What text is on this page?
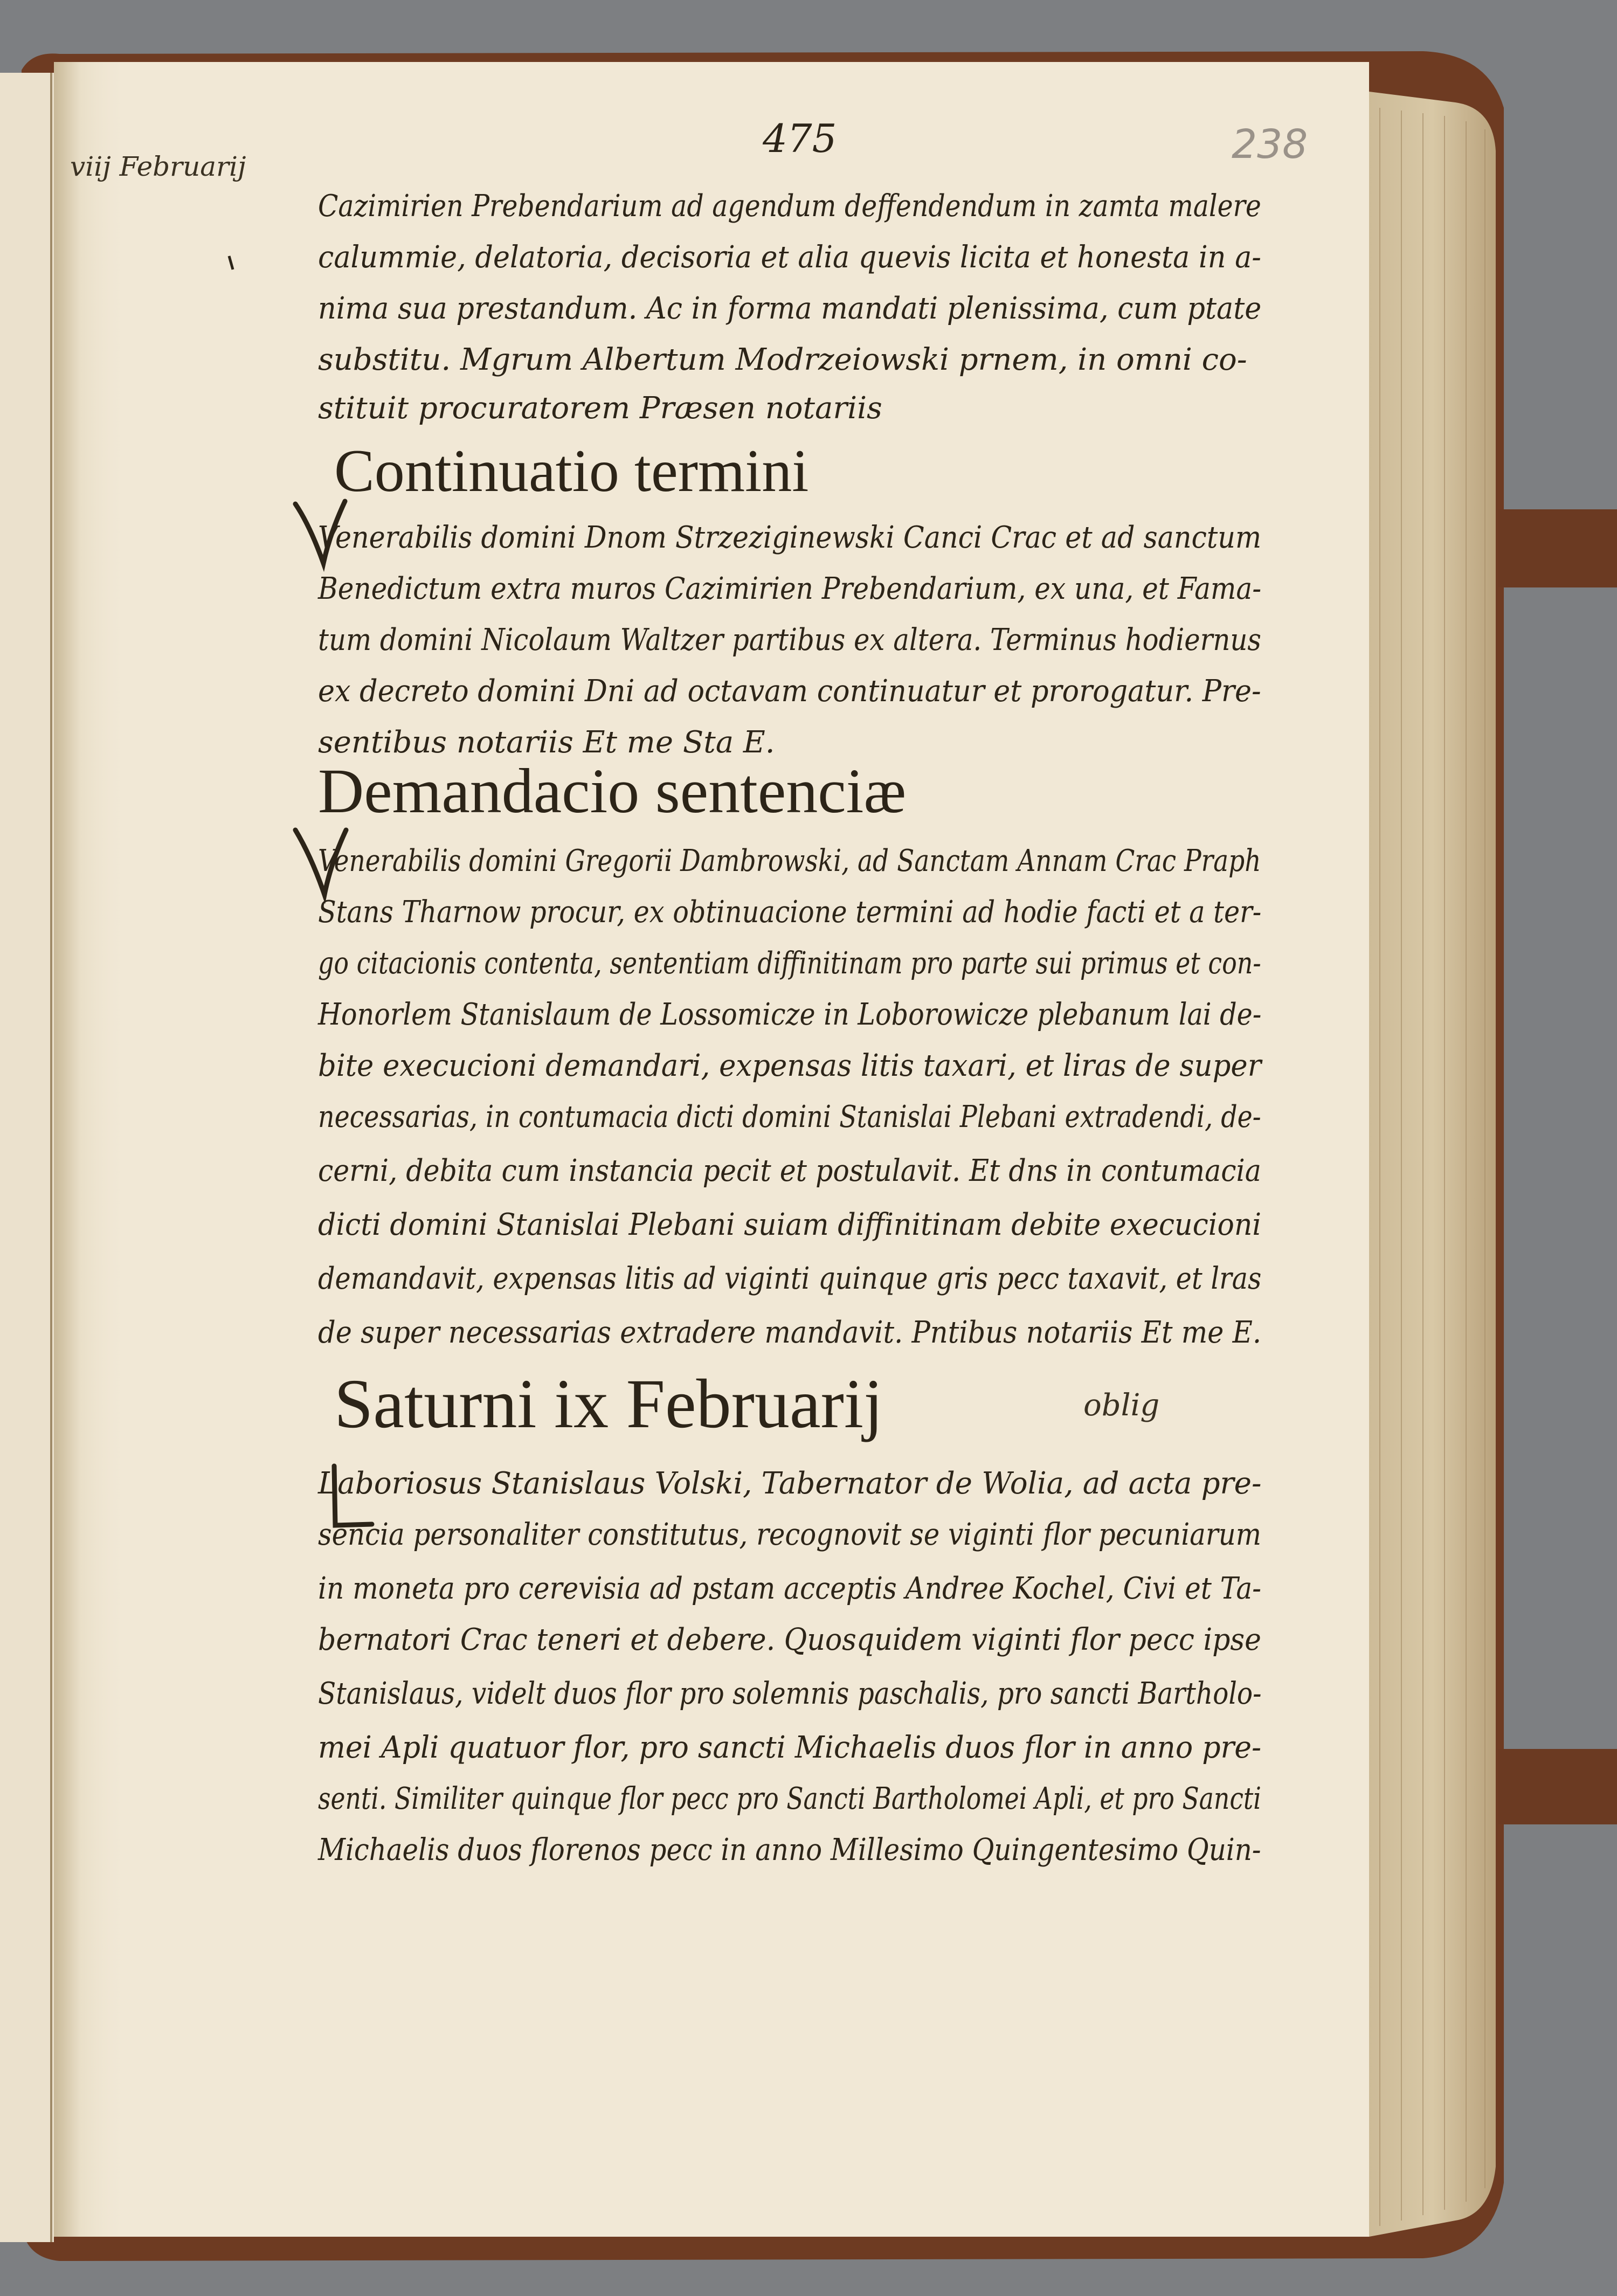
viij Februarij
475	238
Cazimirien Prebendarium ad agendum deffendendum in zamta malere
calummie, delatoria, decisoria et alia quevis licita et honesta in a-
nima sua prestandum. Ac in forma mandati plenissima, cum ptate
substitu. Mgrum Albertum Modrzeiowski prnem, in omni co-
stituit procuratorem Præsen notariis
Continuatio termini
Venerabilis domini Dnom Strzeziginewski Canci Crac et ad sanctum
Benedictum extra muros Cazimirien Prebendarium, ex una, et Fama-
tum domini Nicolaum Waltzer partibus ex altera. Terminus hodiernus
ex decreto domini Dni ad octavam continuatur et prorogatur. Pre-
sentibus notariis Et me Sta E.
Demandacio sentenciæ
Venerabilis domini Gregorii Dambrowski, ad Sanctam Annam Crac Praph
Stans Tharnow procur, ex obtinuacione termini ad hodie facti et a ter-
go citacionis contenta, sententiam diffinitinam pro parte sui primus et con-
Honorlem Stanislaum de Lossomicze in Loborowicze plebanum lai de-
bite execucioni demandari, expensas litis taxari, et liras de super
necessarias, in contumacia dicti domini Stanislai Plebani extradendi, de-
cerni, debita cum instancia pecit et postulavit. Et dns in contumacia
dicti domini Stanislai Plebani suiam diffinitinam debite execucioni
demandavit, expensas litis ad viginti quinque gris pecc taxavit, et lras
de super necessarias extradere mandavit. Pntibus notariis Et me E.
Saturni ix Februarij	oblig
Laboriosus Stanislaus Volski, Tabernator de Wolia, ad acta pre-
sencia personaliter constitutus, recognovit se viginti flor pecuniarum
in moneta pro cerevisia ad pstam acceptis Andree Kochel, Civi et Ta-
bernatori Crac teneri et debere. Quosquidem viginti flor pecc ipse
Stanislaus, videlt duos flor pro solemnis paschalis, pro sancti Bartholo-
mei Apli quatuor flor, pro sancti Michaelis duos flor in anno pre-
senti. Similiter quinque flor pecc pro Sancti Bartholomei Apli, et pro Sancti
Michaelis duos florenos pecc in anno Millesimo Quingentesimo Quin-
